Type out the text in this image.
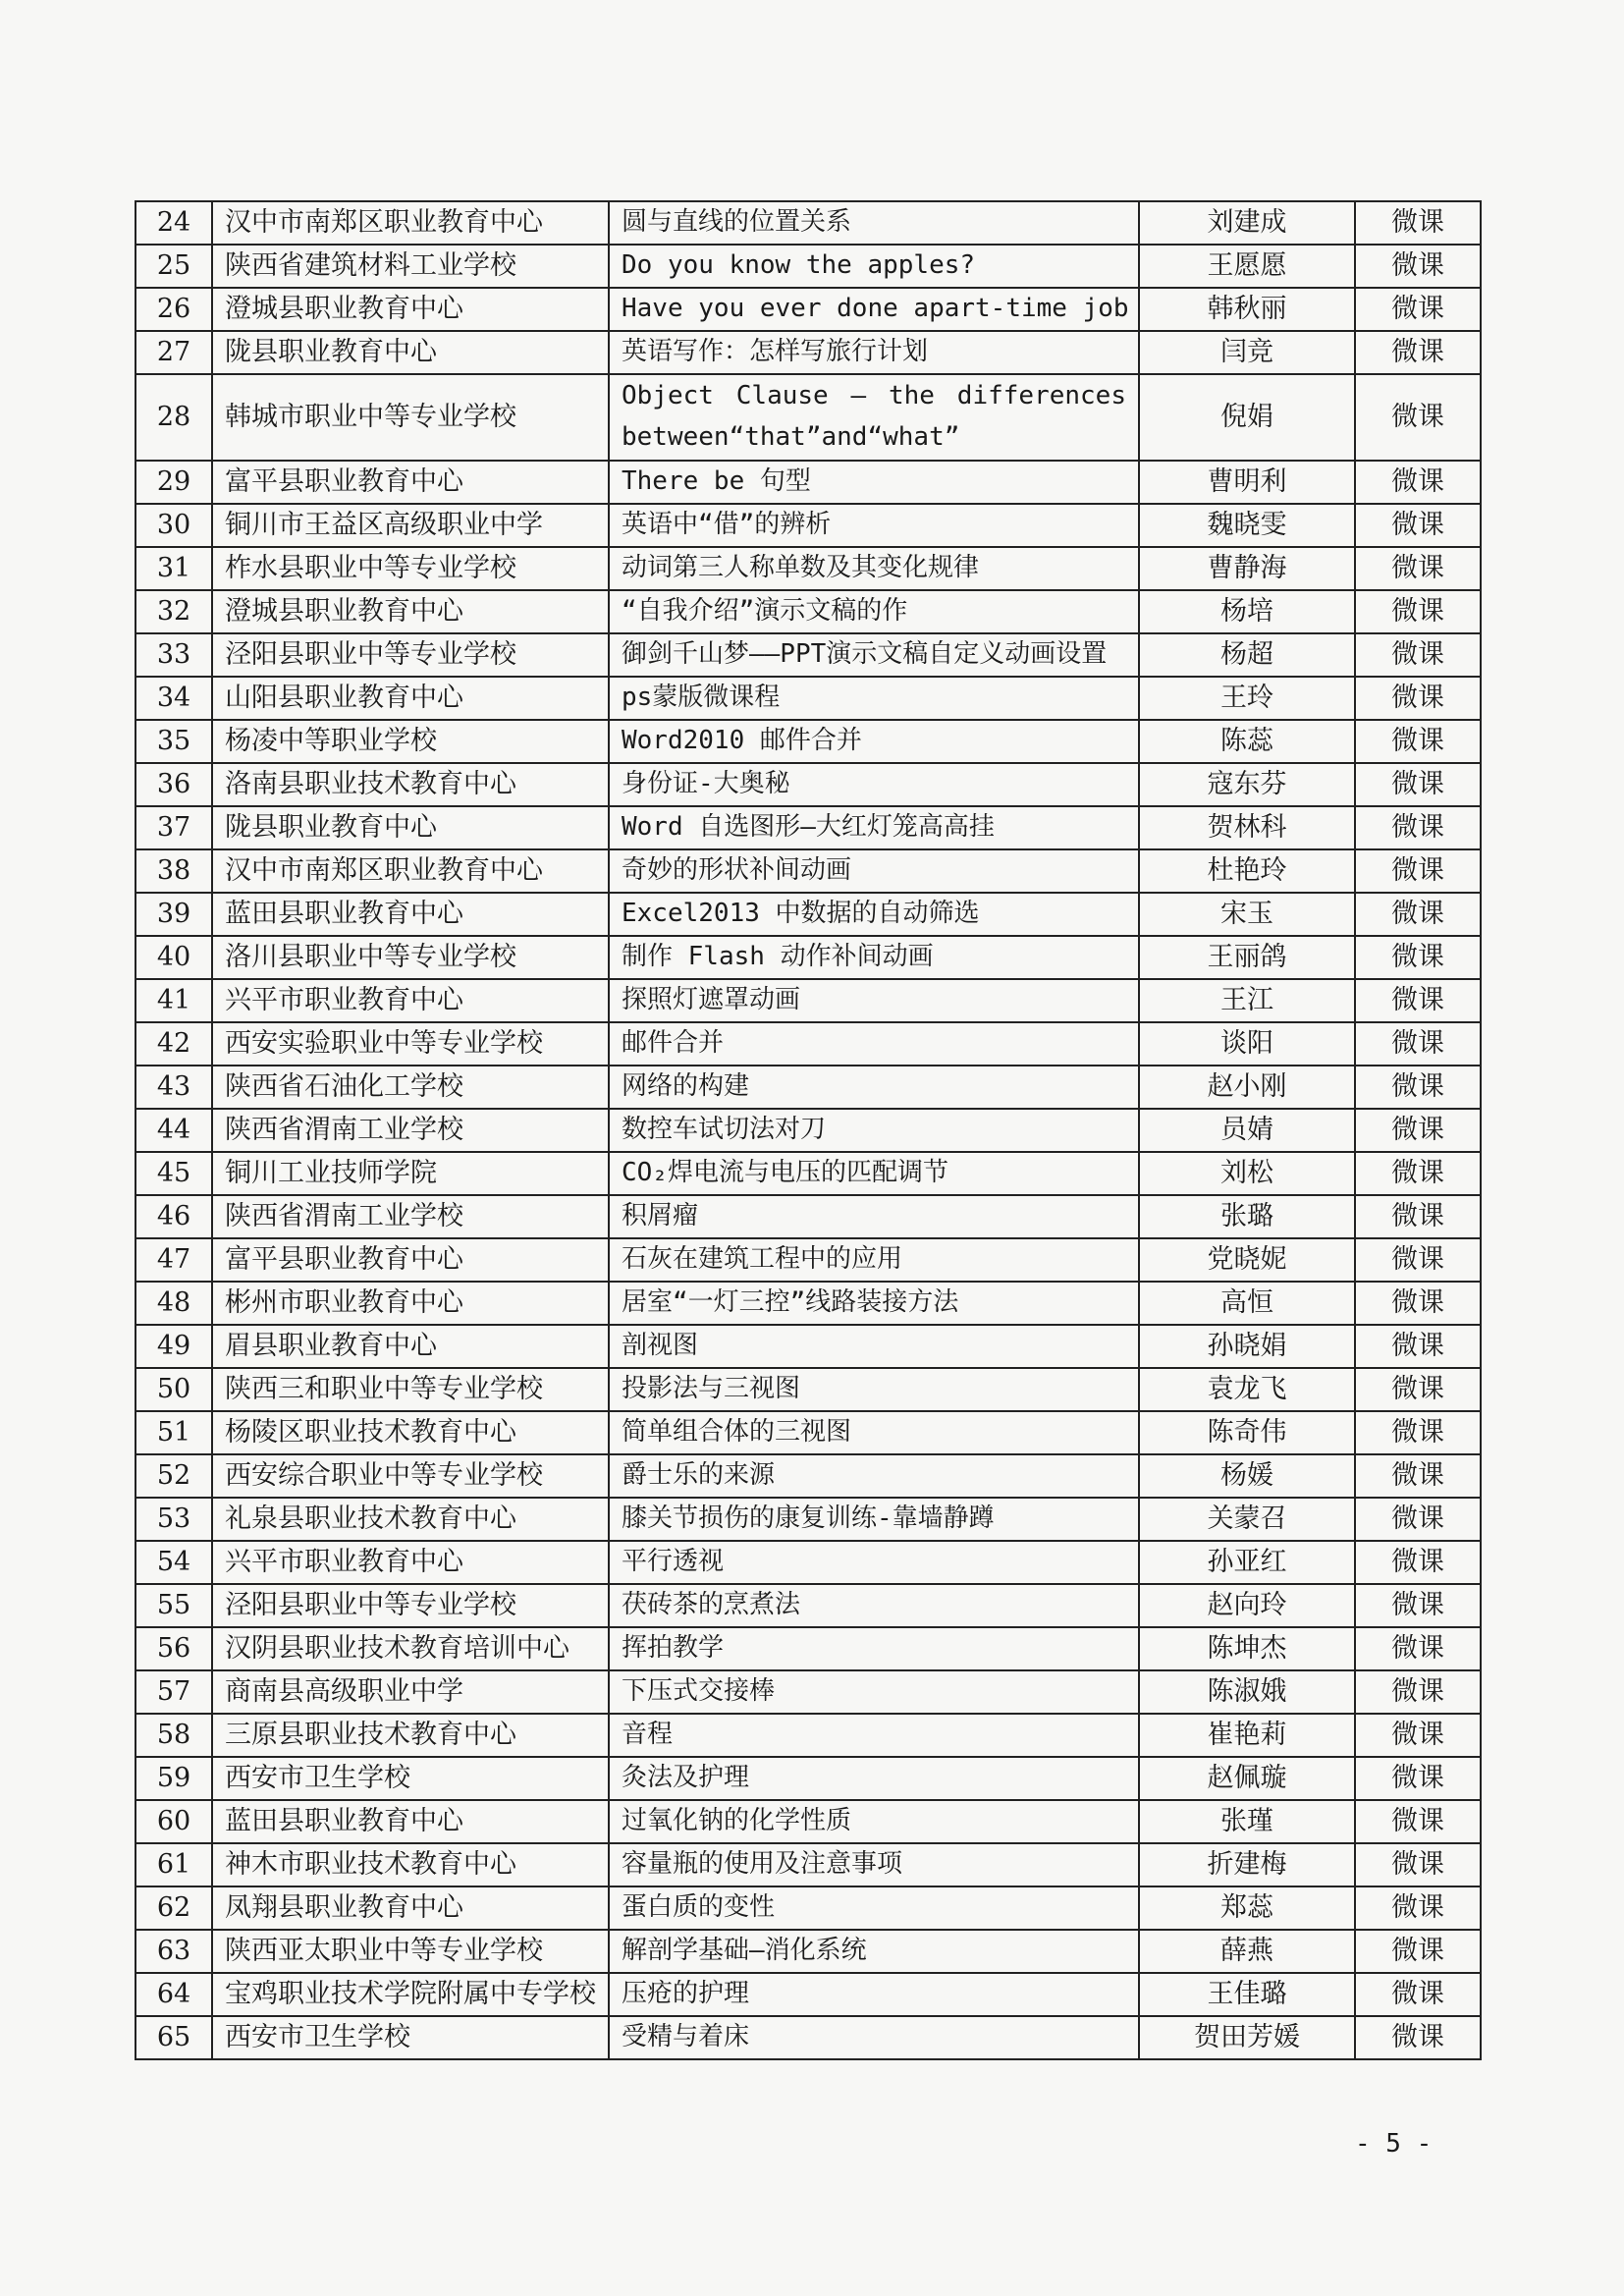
24	汉中市南郑区职业教育中心	圆与直线的位置关系	刘建成	微课
25	陕西省建筑材料工业学校	Do you know the apples?	王愿愿	微课
26	澄城县职业教育中心	Have you ever done apart-time job	韩秋丽	微课
27	陇县职业教育中心	英语写作：怎样写旅行计划	闫竞	微课
28	韩城市职业中等专业学校	Object Clause — the differences between“that”and“what”	倪娟	微课
29	富平县职业教育中心	There be 句型	曹明利	微课
30	铜川市王益区高级职业中学	英语中“借”的辨析	魏晓雯	微课
31	柞水县职业中等专业学校	动词第三人称单数及其变化规律	曹静海	微课
32	澄城县职业教育中心	“自我介绍”演示文稿的作	杨培	微课
33	泾阳县职业中等专业学校	御剑千山梦——PPT演示文稿自定义动画设置	杨超	微课
34	山阳县职业教育中心	ps蒙版微课程	王玲	微课
35	杨凌中等职业学校	Word2010 邮件合并	陈蕊	微课
36	洛南县职业技术教育中心	身份证-大奥秘	寇东芬	微课
37	陇县职业教育中心	Word 自选图形—大红灯笼高高挂	贺林科	微课
38	汉中市南郑区职业教育中心	奇妙的形状补间动画	杜艳玲	微课
39	蓝田县职业教育中心	Excel2013 中数据的自动筛选	宋玉	微课
40	洛川县职业中等专业学校	制作 Flash 动作补间动画	王丽鸽	微课
41	兴平市职业教育中心	探照灯遮罩动画	王江	微课
42	西安实验职业中等专业学校	邮件合并	谈阳	微课
43	陕西省石油化工学校	网络的构建	赵小刚	微课
44	陕西省渭南工业学校	数控车试切法对刀	员婧	微课
45	铜川工业技师学院	CO₂焊电流与电压的匹配调节	刘松	微课
46	陕西省渭南工业学校	积屑瘤	张璐	微课
47	富平县职业教育中心	石灰在建筑工程中的应用	党晓妮	微课
48	彬州市职业教育中心	居室“一灯三控”线路装接方法	高恒	微课
49	眉县职业教育中心	剖视图	孙晓娟	微课
50	陕西三和职业中等专业学校	投影法与三视图	袁龙飞	微课
51	杨陵区职业技术教育中心	简单组合体的三视图	陈奇伟	微课
52	西安综合职业中等专业学校	爵士乐的来源	杨媛	微课
53	礼泉县职业技术教育中心	膝关节损伤的康复训练-靠墙静蹲	关蒙召	微课
54	兴平市职业教育中心	平行透视	孙亚红	微课
55	泾阳县职业中等专业学校	茯砖茶的烹煮法	赵向玲	微课
56	汉阴县职业技术教育培训中心	挥拍教学	陈坤杰	微课
57	商南县高级职业中学	下压式交接棒	陈淑娥	微课
58	三原县职业技术教育中心	音程	崔艳莉	微课
59	西安市卫生学校	灸法及护理	赵佩璇	微课
60	蓝田县职业教育中心	过氧化钠的化学性质	张瑾	微课
61	神木市职业技术教育中心	容量瓶的使用及注意事项	折建梅	微课
62	凤翔县职业教育中心	蛋白质的变性	郑蕊	微课
63	陕西亚太职业中等专业学校	解剖学基础—消化系统	薛燕	微课
64	宝鸡职业技术学院附属中专学校	压疮的护理	王佳璐	微课
65	西安市卫生学校	受精与着床	贺田芳媛	微课
- 5 -
